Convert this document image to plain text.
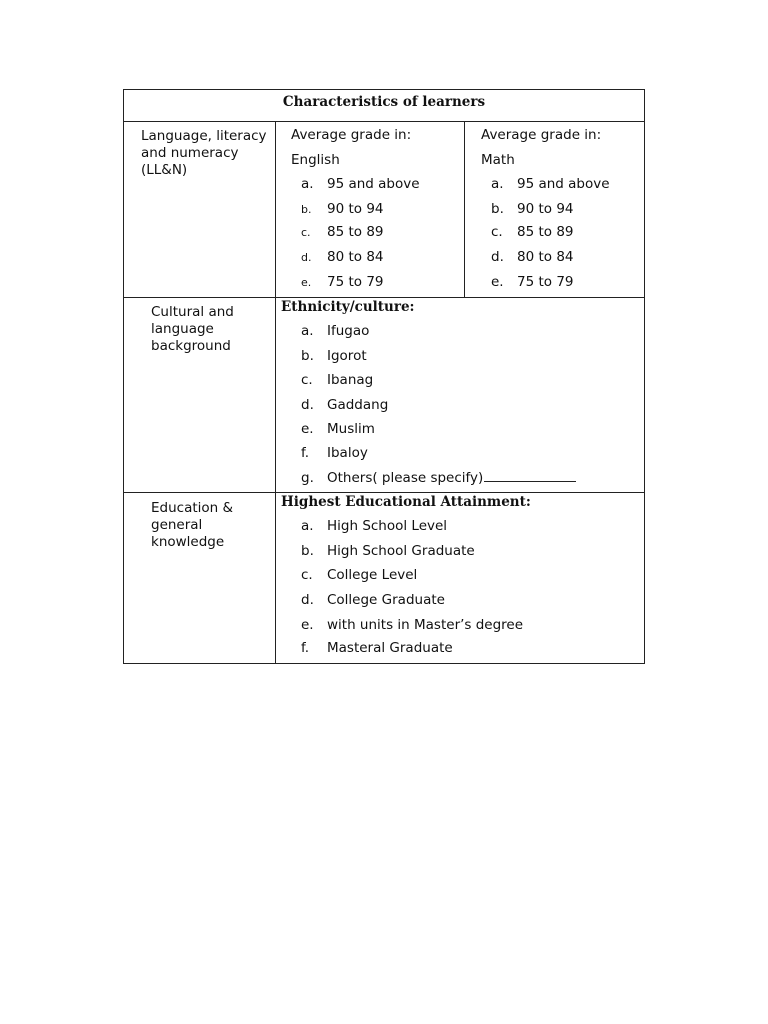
Characteristics of learners
Language, literacy
and numeracy
(LL&N)
Average grade in:
English
a. 95 and above
b. 90 to 94
c. 85 to 89
d. 80 to 84
e. 75 to 79
Average grade in:
Math
a. 95 and above
b. 90 to 94
c. 85 to 89
d. 80 to 84
e. 75 to 79
Cultural and
language
background
Ethnicity/culture:
a. Ifugao
b. Igorot
c. Ibanag
d. Gaddang
e. Muslim
f. Ibaloy
g. Others( please specify)
Education &
general
knowledge
Highest Educational Attainment:
a. High School Level
b. High School Graduate
c. College Level
d. College Graduate
e. with units in Master’s degree
f. Masteral Graduate
